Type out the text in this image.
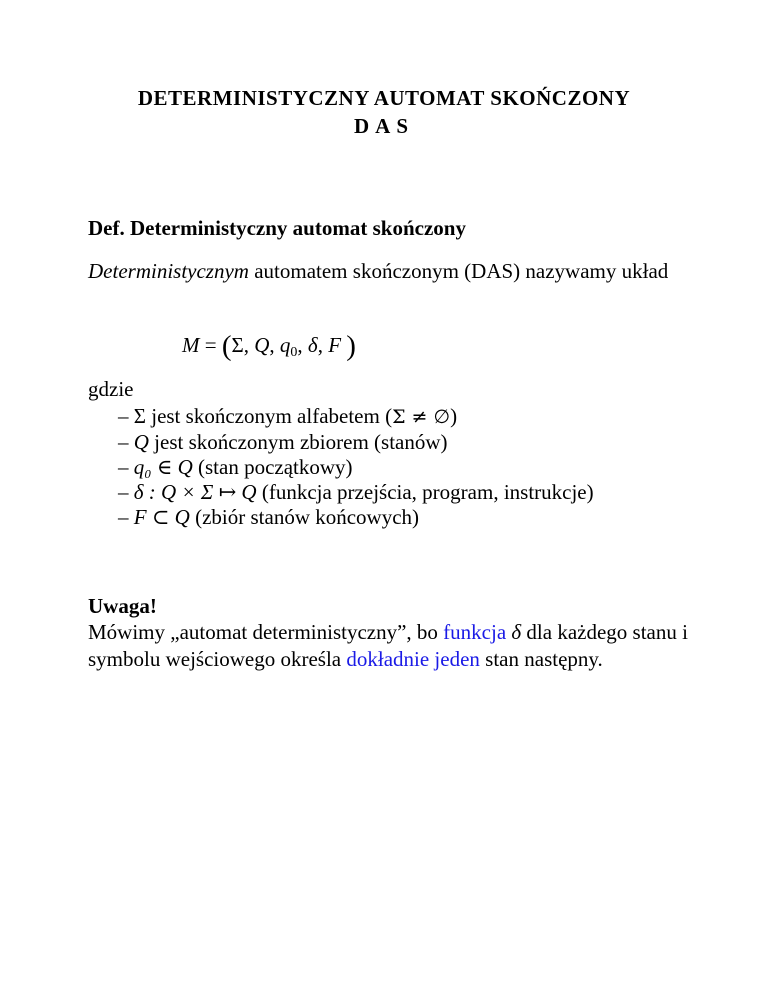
DETERMINISTYCZNY AUTOMAT SKOŃCZONY
DAS
Def. Deterministyczny automat skończony
Deterministycznym automatem skończonym (DAS) nazywamy układ
M = (Σ, Q, $q_0$, δ, F )
gdzie
– Σ jest skończonym alfabetem (Σ ≠ ∅)
– Q jest skończonym zbiorem (stanów)
– q₀ ∈ Q (stan początkowy)
– δ : Q × Σ ↦ Q (funkcja przejścia, program, instrukcje)
– F ⊂ Q (zbiór stanów końcowych)
Uwaga!
Mówimy „automat deterministyczny”, bo funkcja δ dla każdego stanu i symbolu wejściowego określa dokładnie jeden stan następny.
